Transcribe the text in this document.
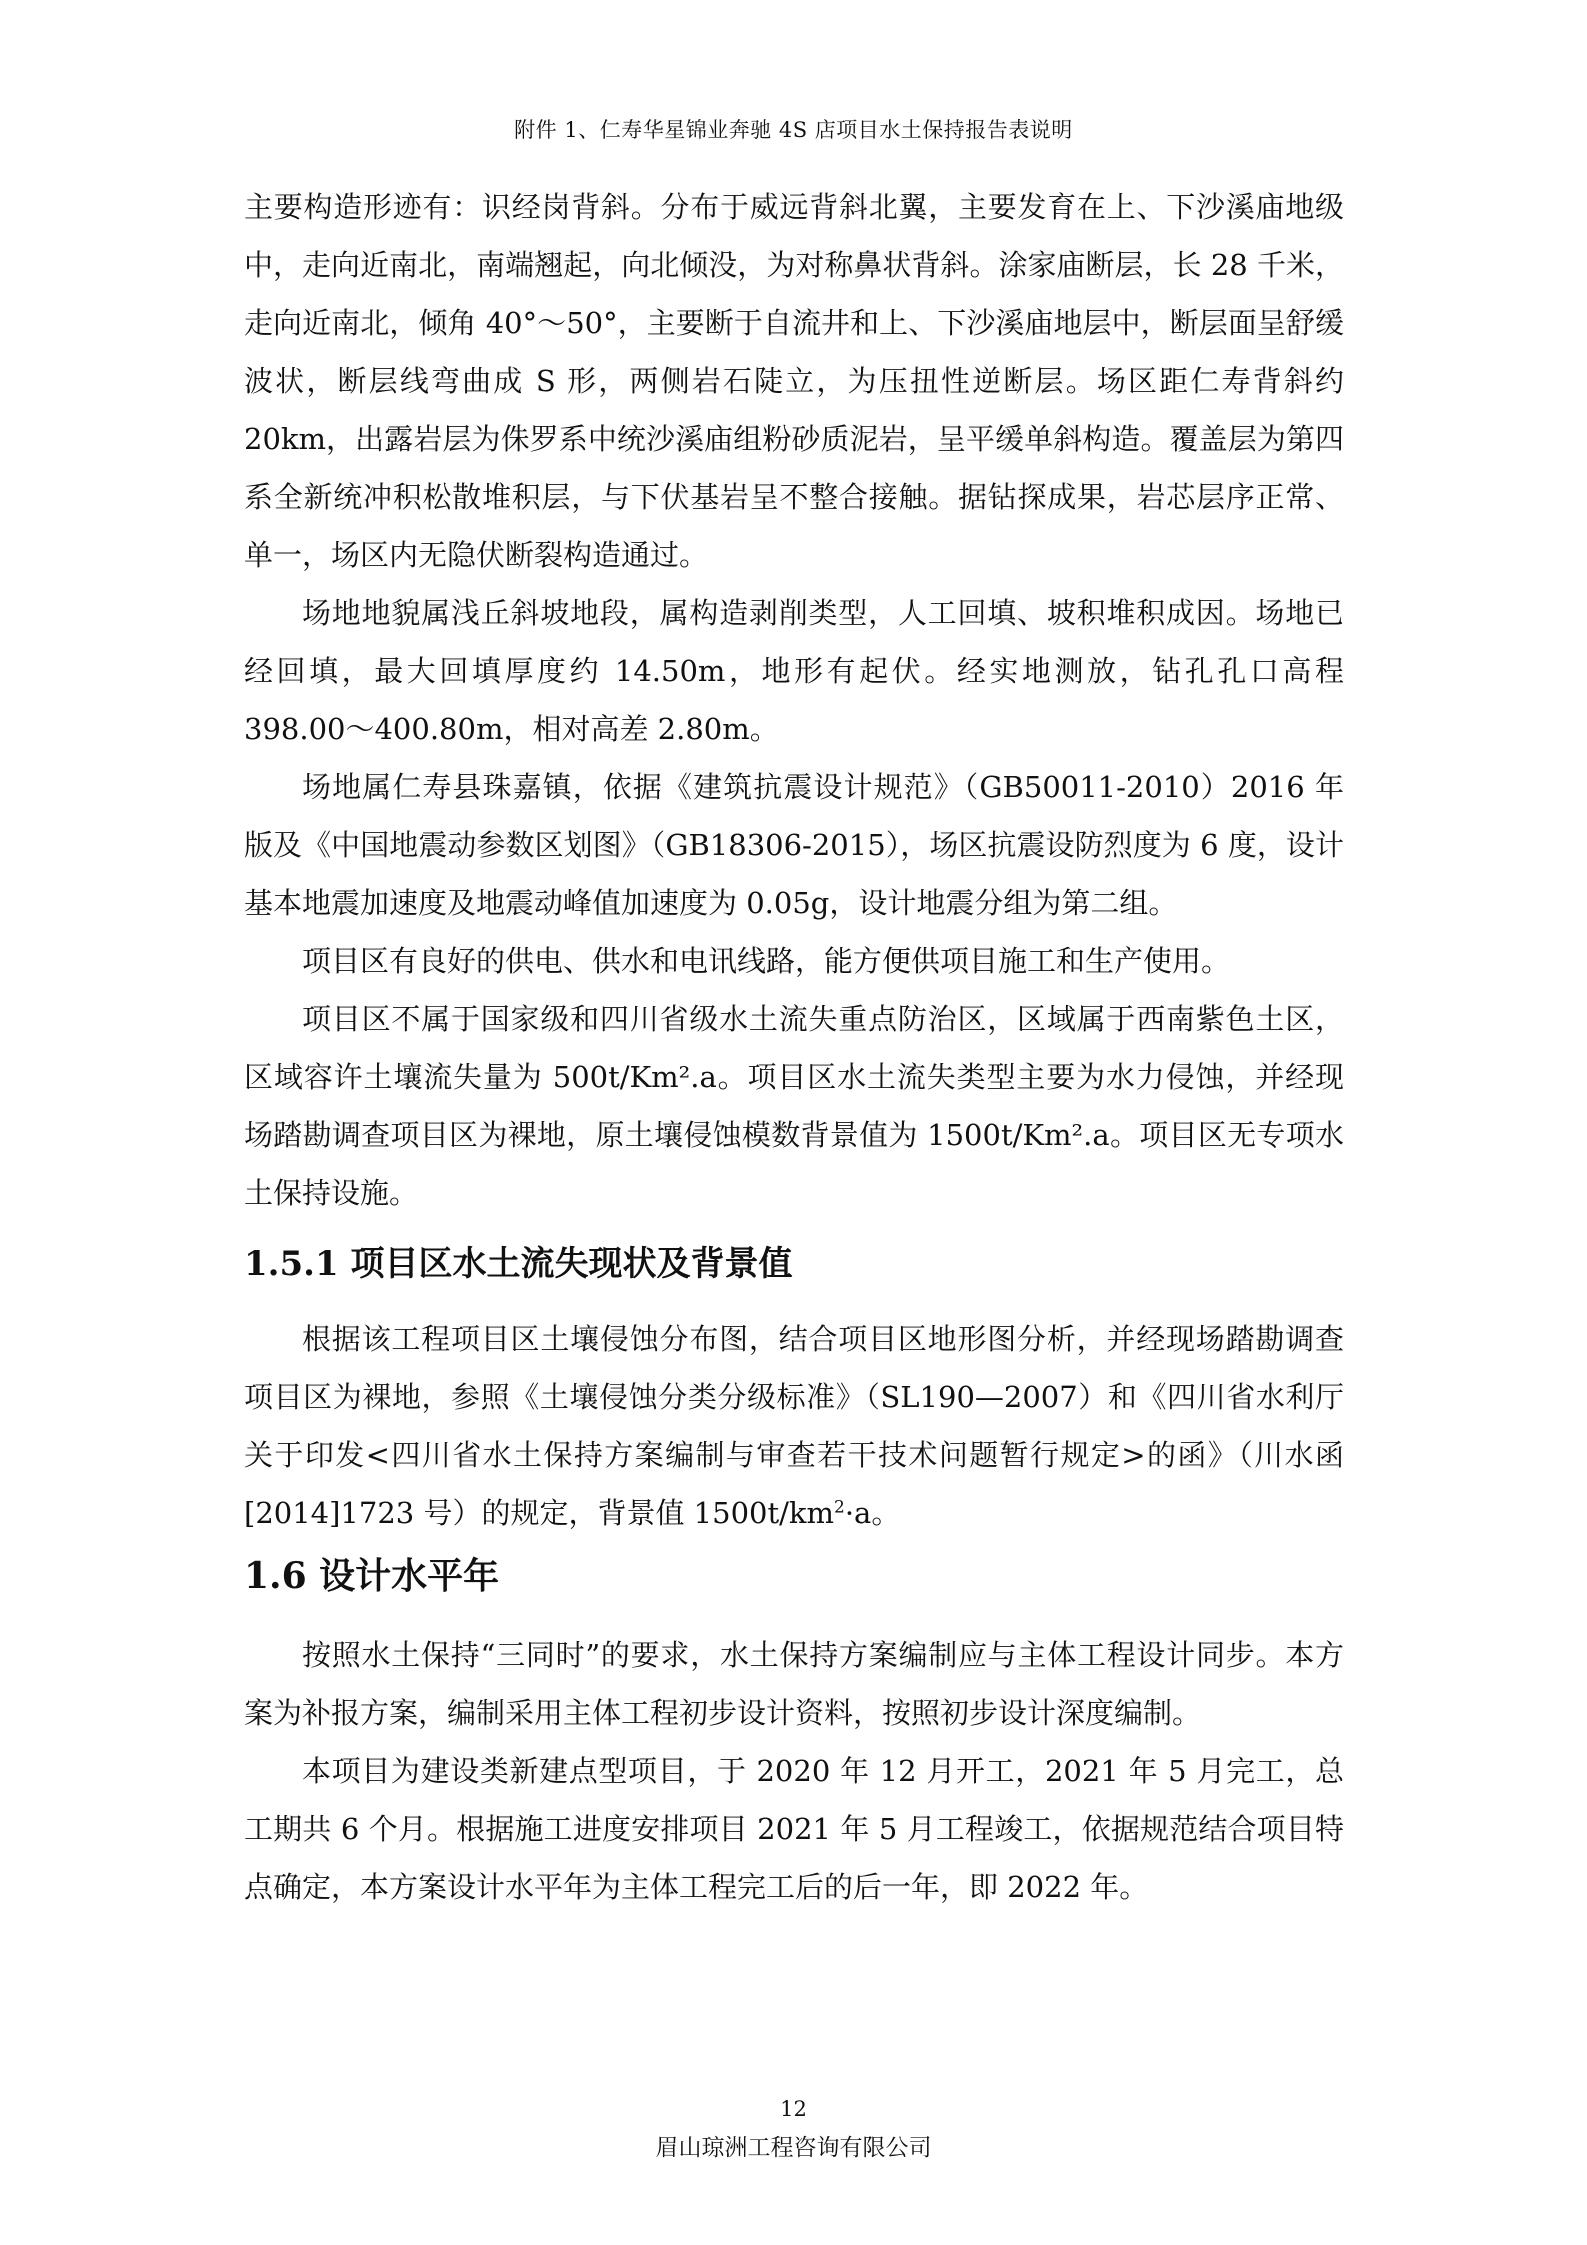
附件 1、仁寿华星锦业奔驰 4S 店项目水土保持报告表说明

主要构造形迹有：识经岗背斜。分布于威远背斜北翼，主要发育在上、下沙溪庙地级中，走向近南北，南端翘起，向北倾没，为对称鼻状背斜。涂家庙断层，长 28 千米，走向近南北，倾角 40°～50°，主要断于自流井和上、下沙溪庙地层中，断层面呈舒缓波状，断层线弯曲成 S 形，两侧岩石陡立，为压扭性逆断层。场区距仁寿背斜约 20km，出露岩层为侏罗系中统沙溪庙组粉砂质泥岩，呈平缓单斜构造。覆盖层为第四系全新统冲积松散堆积层，与下伏基岩呈不整合接触。据钻探成果，岩芯层序正常、单一，场区内无隐伏断裂构造通过。

场地地貌属浅丘斜坡地段，属构造剥削类型，人工回填、坡积堆积成因。场地已经回填，最大回填厚度约 14.50m，地形有起伏。经实地测放，钻孔孔口高程 398.00～400.80m，相对高差 2.80m。

场地属仁寿县珠嘉镇，依据《建筑抗震设计规范》（GB50011-2010）2016 年版及《中国地震动参数区划图》（GB18306-2015），场区抗震设防烈度为 6 度，设计基本地震加速度及地震动峰值加速度为 0.05g，设计地震分组为第二组。

项目区有良好的供电、供水和电讯线路，能方便供项目施工和生产使用。

项目区不属于国家级和四川省级水土流失重点防治区，区域属于西南紫色土区，区域容许土壤流失量为 500t/Km².a。项目区水土流失类型主要为水力侵蚀，并经现场踏勘调查项目区为裸地，原土壤侵蚀模数背景值为 1500t/Km².a。项目区无专项水土保持设施。

1.5.1 项目区水土流失现状及背景值

根据该工程项目区土壤侵蚀分布图，结合项目区地形图分析，并经现场踏勘调查项目区为裸地，参照《土壤侵蚀分类分级标准》（SL190—2007）和《四川省水利厅关于印发<四川省水土保持方案编制与审查若干技术问题暂行规定>的函》（川水函[2014]1723 号）的规定，背景值 $1500t/km^2\cdot a$。

1.6 设计水平年

按照水土保持“三同时”的要求，水土保持方案编制应与主体工程设计同步。本方案为补报方案，编制采用主体工程初步设计资料，按照初步设计深度编制。

本项目为建设类新建点型项目，于 2020 年 12 月开工，2021 年 5 月完工，总工期共 6 个月。根据施工进度安排项目 2021 年 5 月工程竣工，依据规范结合项目特点确定，本方案设计水平年为主体工程完工后的后一年，即 2022 年。

12
眉山琼洲工程咨询有限公司
